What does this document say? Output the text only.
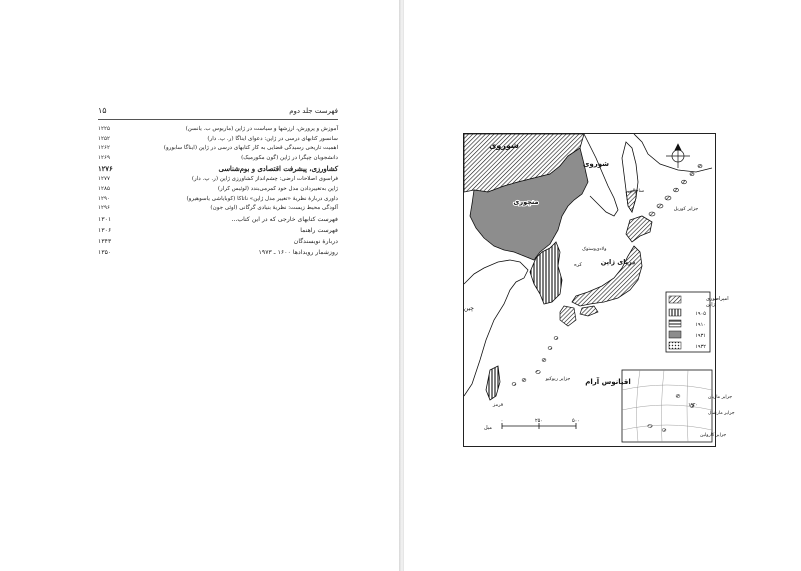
فهرست جلد دوم
۱۵
آموزش و پرورش، ارزشها و سیاست در ژاپن (ماریوس ب. یانسن)
۱۲۲۵
سانسور کتابهای درسی در ژاپن: دعوای ایناگا (ر. پ. دار)
۱۲۵۲
اهمیت تاریخی رسیدگی قضایی به کار کتابهای درسی در ژاپن (ایناگا سابورو)
۱۲۶۲
دانشجویان چپگرا در ژاپن (گون مکورمیک)
۱۲۶۹
کشاورزی، پیشرفت اقتصادی و بوم‌شناسی
۱۲۷۶
فراسوی اصلاحات ارضی: چشم‌انداز کشاورزی ژاپن (ر. پ. دار)
۱۲۷۷
ژاپن به‌تغییردادن مدل خود کمرمی‌بندد (لوئیس کرار)
۱۲۸۵
داوری دربارهٔ نظریهٔ «تغییر مدل ژاپن» ناتاکا (کوبایاشی یاسوهیرو)
۱۲۹۰
آلودگی محیط زیست: نظریهٔ بنیادی گرگانی (اوئی جون)
۱۲۹۶
فهرست کتابهای خارجی که در این کتاب...
۱۳۰۱
فهرست راهنما
۱۳۰۶
دربارهٔ نویسندگان
۱۳۴۳
روزشمار رویدادها ۱۶۰۰ ـ ۱۹۷۳
۱۳۵۰
امپراطوری
ژاپن
۱۹۰۵
۱۹۱۰
۱۹۳۱
۱۹۳۲
جزایر ماریان
۱۹۲۰
جزایر مارشال
جزایر کارولین
میل
۰	۲۵۰	۵۰۰
شوروی
شوروی
منچوری
ساخالین
جزایر کوریل
ولادی‌وستوک
کره	دریای ژاپن
چین
اقیانوس آرام
جزایر ریوکیو
فرمز
